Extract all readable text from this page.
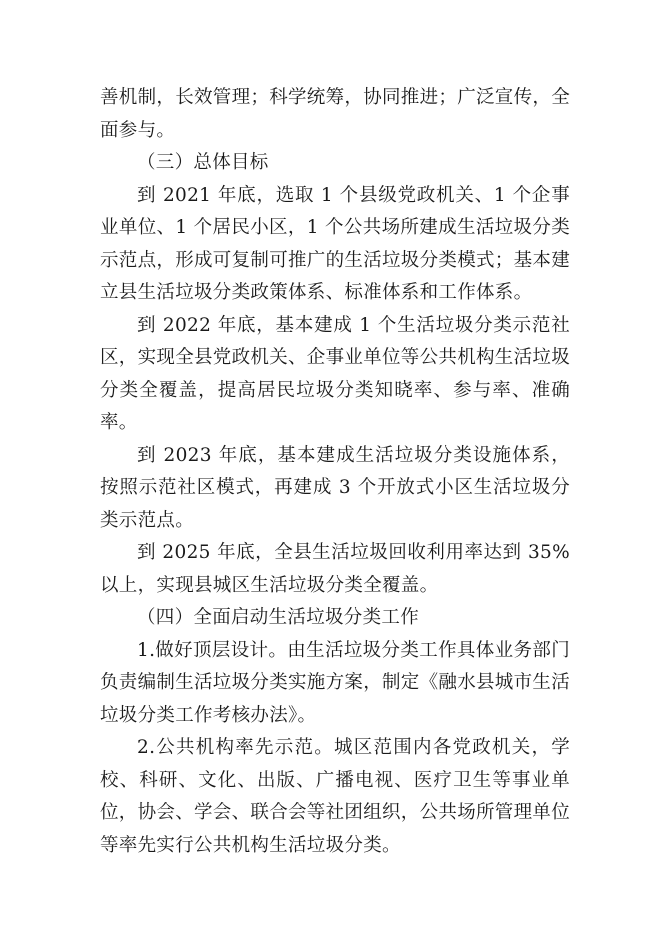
善机制，长效管理；科学统筹，协同推进；广泛宣传，全面参与。

（三）总体目标

到 2021 年底，选取 1 个县级党政机关、1 个企事业单位、1 个居民小区，1 个公共场所建成生活垃圾分类示范点，形成可复制可推广的生活垃圾分类模式；基本建立县生活垃圾分类政策体系、标准体系和工作体系。

到 2022 年底，基本建成 1 个生活垃圾分类示范社区，实现全县党政机关、企事业单位等公共机构生活垃圾分类全覆盖，提高居民垃圾分类知晓率、参与率、准确率。

到 2023 年底，基本建成生活垃圾分类设施体系，按照示范社区模式，再建成 3 个开放式小区生活垃圾分类示范点。

到 2025 年底，全县生活垃圾回收利用率达到 35%以上，实现县城区生活垃圾分类全覆盖。

（四）全面启动生活垃圾分类工作

1.做好顶层设计。由生活垃圾分类工作具体业务部门负责编制生活垃圾分类实施方案，制定《融水县城市生活垃圾分类工作考核办法》。

2.公共机构率先示范。城区范围内各党政机关，学校、科研、文化、出版、广播电视、医疗卫生等事业单位，协会、学会、联合会等社团组织，公共场所管理单位等率先实行公共机构生活垃圾分类。
